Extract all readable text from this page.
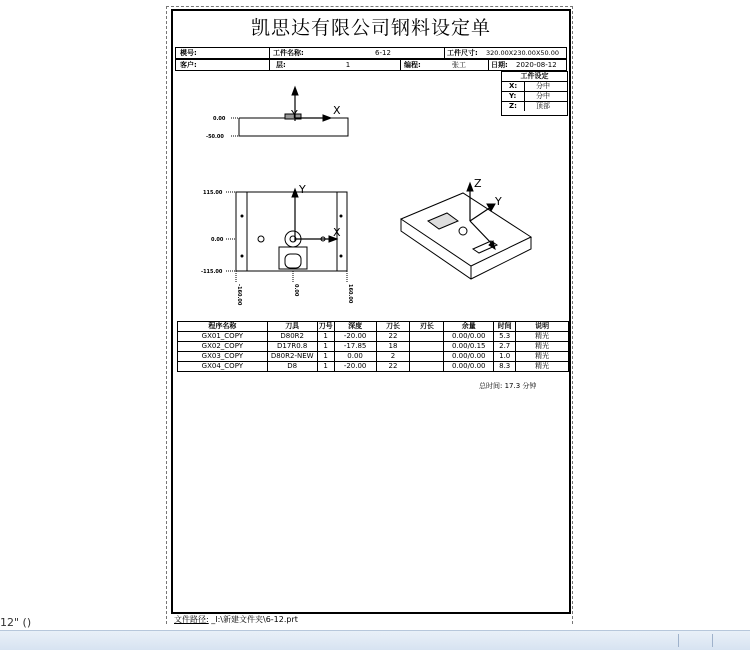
凯思达有限公司钢料设定单
模号:	工件名称:	6-12	工件尺寸:	320.00X230.00X50.00
客户:	层:	1	编程:	张工	日期:	2020-08-12
工件设定
X:	分中
Y:	分中
Z:	顶部
Y	X
0.00
-50.00
Y
X
115.00
0.00
-115.00
-160.00	0.00	160.00
Z
Y
程序名称	刀具	刀号	深度	刀长	刃长	余量	时间	说明
GX01_COPY	D80R2	1	-20.00	22		0.00/0.00	5.3	精光
GX02_COPY	D17R0.8	1	-17.85	18		0.00/0.15	2.7	精光
GX03_COPY	D80R2-NEW	1	0.00	2		0.00/0.00	1.0	精光
GX04_COPY	D8	1	-20.00	22		0.00/0.00	8.3	精光
总时间: 17.3 分钟
文件路径: _I:\新建文件夹\6-12.prt
12" ()
